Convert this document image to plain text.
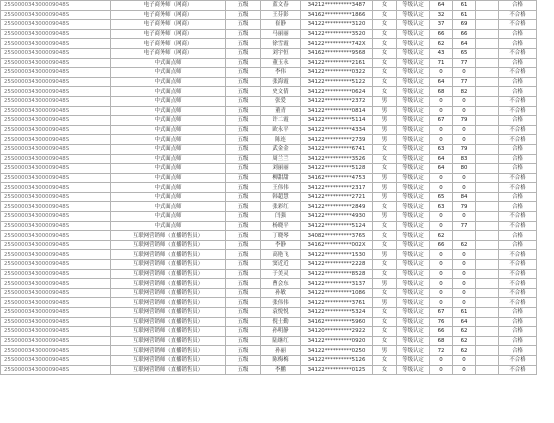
25S000034300009048S	电子商务师（网商）	五级	蓝文春	34212**********3487	女	等级认定	64	61		合格
25S000034300009048S	电子商务师（网商）	五级	王芬影	34162**********1866	女	等级认定	32	61		不合格
25S000034300009048S	电子商务师（网商）	五级	崔静	34122**********3120	女	等级认定	37	69		不合格
25S000034300009048S	电子商务师（网商）	五级	马丽丽	34122**********3520	女	等级认定	66	66		合格
25S000034300009048S	电子商务师（网商）	五级	徐雪霞	34122**********742X	女	等级认定	62	64		合格
25S000034300009048S	电子商务师（网商）	五级	刘宇恒	34162**********9568	女	等级认定	43	65		不合格
25S000034300009048S	中式面点师	五级	董玉永	34122**********2161	女	等级认定	71	77		合格
25S000034300009048S	中式面点师	五级	李伟	34122**********0322	女	等级认定	0	0		不合格
25S000034300009048S	中式面点师	五级	张海霞	34122**********5122	女	等级认定	64	77		合格
25S000034300009048S	中式面点师	五级	史文倩	34122**********0624	女	等级认定	68	82		合格
25S000034300009048S	中式面点师	五级	张爱	34122**********2372	男	等级认定	0	0		不合格
25S000034300009048S	中式面点师	五级	董青	34122**********0814	男	等级认定	0	0		不合格
25S000034300009048S	中式面点师	五级	许二霞	34122**********5114	男	等级认定	67	79		合格
25S000034300009048S	中式面点师	五级	欧永平	34122**********4334	男	等级认定	0	0		不合格
25S000034300009048S	中式面点师	五级	陈连	34122**********2739	男	等级认定	0	0		不合格
25S000034300009048S	中式面点师	五级	武金金	34122**********6741	女	等级认定	63	79		合格
25S000034300009048S	中式面点师	五级	周兰兰	34122**********3526	女	等级认定	64	83		合格
25S000034300009048S	中式面点师	五级	刘丽丽	34122**********5128	女	等级认定	64	80		合格
25S000034300009048S	中式面点师	五级	柳甜甜	34162**********4753	男	等级认定	0	0		不合格
25S000034300009048S	中式面点师	五级	王伟伟	34122**********2317	男	等级认定	0	0		不合格
25S000034300009048S	中式面点师	五级	韩超慧	34122**********2721	男	等级认定	65	84		合格
25S000034300009048S	中式面点师	五级	张彩红	34122**********2849	女	等级认定	63	79		合格
25S000034300009048S	中式面点师	五级	闫强	34122**********4930	男	等级认定	0	0		不合格
25S000034300009048S	中式面点师	五级	杨晓平	34122**********5124	女	等级认定	0	77		不合格
25S000034300009048S	互联网营销师（直播销售员）	五级	丁晓琴	34082**********3765	女	等级认定	62			合格
25S000034300009048S	互联网营销师（直播销售员）	五级	李静	34162**********002X	女	等级认定	66	62		合格
25S000034300009048S	互联网营销师（直播销售员）	五级	高艳飞	34122**********1530	男	等级认定	0	0		不合格
25S000034300009048S	互联网营销师（直播销售员）	五级	窦近近	34122**********2228	女	等级认定	0	0		不合格
25S000034300009048S	互联网营销师（直播销售员）	五级	于美灵	34122**********8528	女	等级认定	0	0		不合格
25S000034300009048S	互联网营销师（直播销售员）	五级	曹会东	34122**********3137	男	等级认定	0	0		不合格
25S000034300009048S	互联网营销师（直播销售员）	五级	孙敏	34122**********1086	女	等级认定	0	0		不合格
25S000034300009048S	互联网营销师（直播销售员）	五级	张伟伟	34122**********3761	男	等级认定	0	0		不合格
25S000034300009048S	互联网营销师（直播销售员）	五级	袁悦悦	34122**********5324	女	等级认定	67	61		合格
25S000034300009048S	互联网营销师（直播销售员）	五级	倪士勤	34162**********5960	女	等级认定	76	64		合格
25S000034300009048S	互联网营销师（直播销售员）	五级	孙明静	34120**********2922	女	等级认定	66	62		合格
25S000034300009048S	互联网营销师（直播销售员）	五级	陆继红	34122**********0920	女	等级认定	68	62		合格
25S000034300009048S	互联网营销师（直播销售员）	五级	孙丽	34122**********0250	男	等级认定	72	62		合格
25S000034300009048S	互联网营销师（直播销售员）	五级	陈梅梅	34122**********5126	女	等级认定	0	0		不合格
25S000034300009048S	互联网营销师（直播销售员）	五级	李鹏	34122**********0125	女	等级认定	0	0		不合格
